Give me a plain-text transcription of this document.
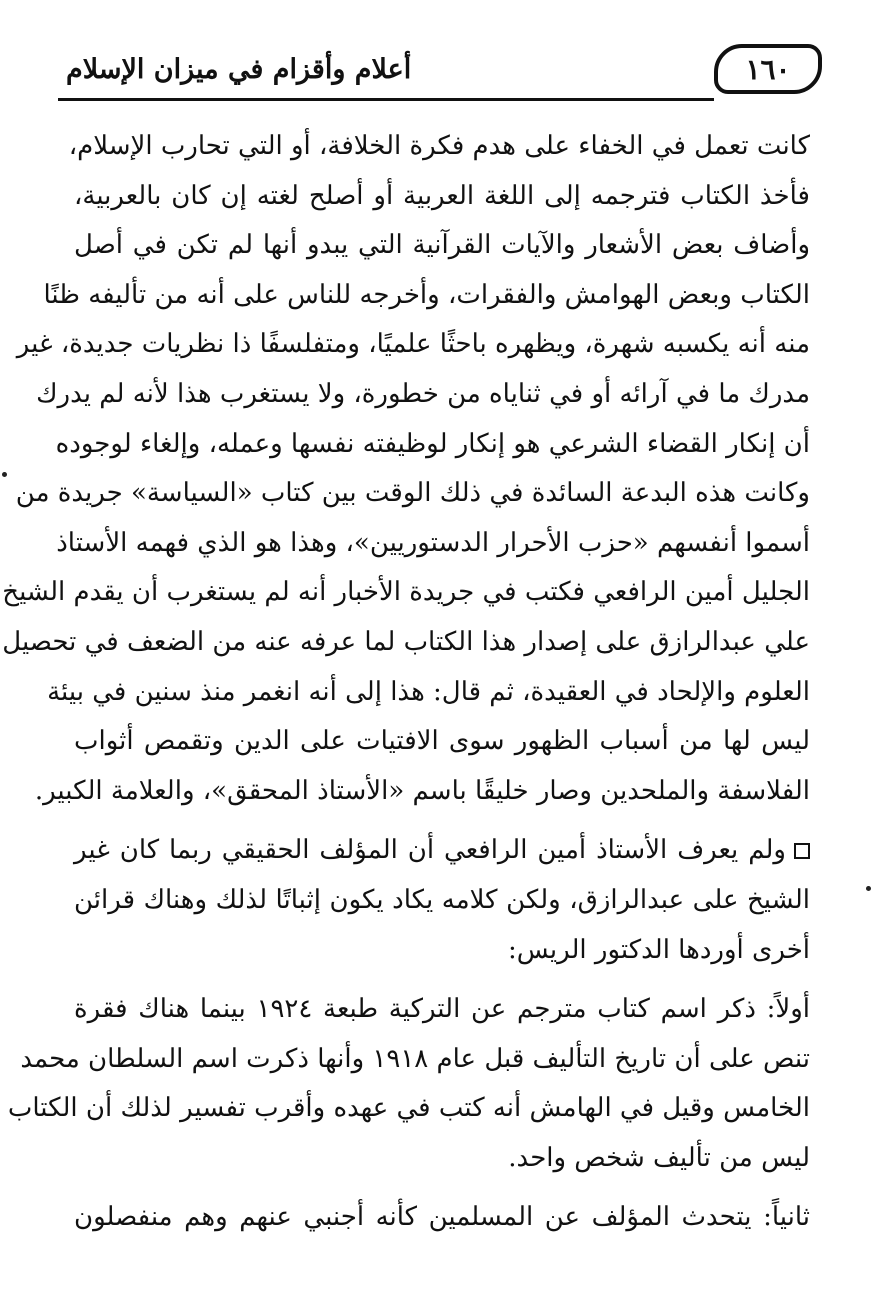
١٦٠
أعلام وأقزام في ميزان الإسلام
كانت تعمل في الخفاء على هدم فكرة الخلافة، أو التي تحارب الإسلام،
فأخذ الكتاب فترجمه إلى اللغة العربية أو أصلح لغته إن كان بالعربية،
وأضاف بعض الأشعار والآيات القرآنية التي يبدو أنها لم تكن في أصل
الكتاب وبعض الهوامش والفقرات، وأخرجه للناس على أنه من تأليفه ظنًا
منه أنه يكسبه شهرة، ويظهره باحثًا علميًا، ومتفلسفًا ذا نظريات جديدة، غير
مدرك ما في آرائه أو في ثناياه من خطورة، ولا يستغرب هذا لأنه لم يدرك
أن إنكار القضاء الشرعي هو إنكار لوظيفته نفسها وعمله، وإلغاء لوجوده
وكانت هذه البدعة السائدة في ذلك الوقت بين كتاب «السياسة» جريدة من
أسموا أنفسهم «حزب الأحرار الدستوريين»، وهذا هو الذي فهمه الأستاذ
الجليل أمين الرافعي فكتب في جريدة الأخبار أنه لم يستغرب أن يقدم الشيخ
علي عبدالرازق على إصدار هذا الكتاب لما عرفه عنه من الضعف في تحصيل
العلوم والإلحاد في العقيدة، ثم قال: هذا إلى أنه انغمر منذ سنين في بيئة
ليس لها من أسباب الظهور سوى الافتيات على الدين وتقمص أثواب
الفلاسفة والملحدين وصار خليقًا باسم «الأستاذ المحقق»، والعلامة الكبير.
ولم يعرف الأستاذ أمين الرافعي أن المؤلف الحقيقي ربما كان غير
الشيخ على عبدالرازق، ولكن كلامه يكاد يكون إثباتًا لذلك وهناك قرائن
أخرى أوردها الدكتور الريس:
أولاً: ذكر اسم كتاب مترجم عن التركية طبعة ١٩٢٤ بينما هناك فقرة
تنص على أن تاريخ التأليف قبل عام ١٩١٨ وأنها ذكرت اسم السلطان محمد
الخامس وقيل في الهامش أنه كتب في عهده وأقرب تفسير لذلك أن الكتاب
ليس من تأليف شخص واحد.
ثانياً: يتحدث المؤلف عن المسلمين كأنه أجنبي عنهم وهم منفصلون
